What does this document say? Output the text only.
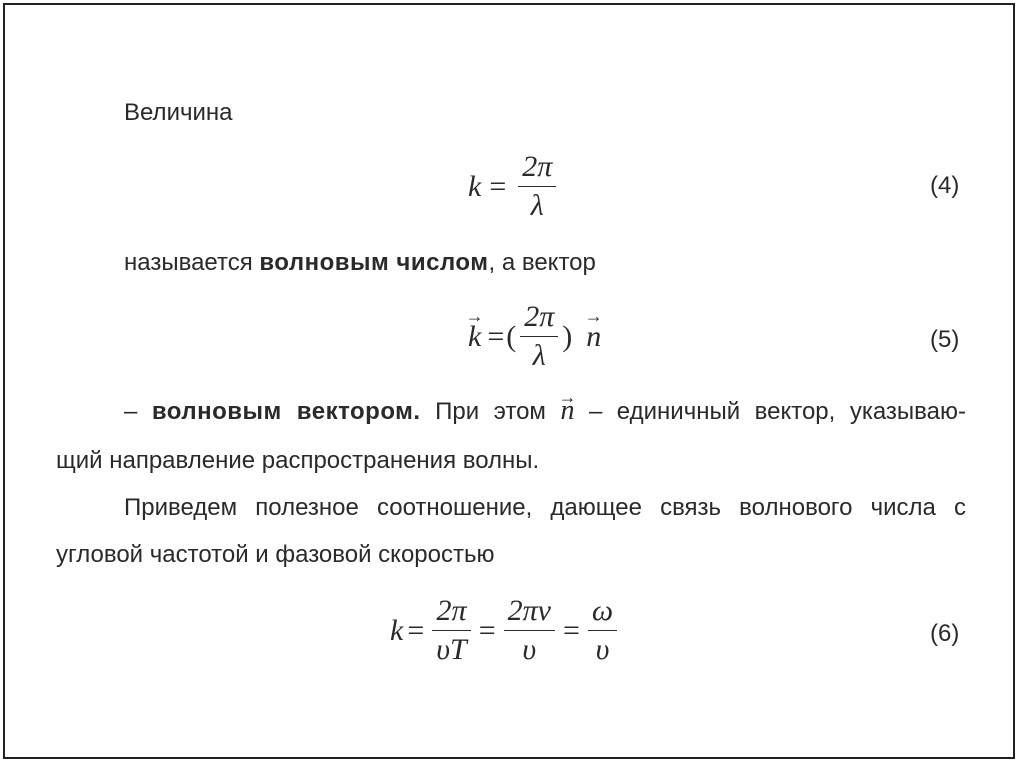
Величина
$k = \frac{2\pi}{\lambda}$	(4)
называется волновым числом, а вектор
→ k = ( $\frac{2\pi}{\lambda}$ )
→ n	(5)
– волновым вектором. При этом → n – единичный вектор, указываю-
щий направление распространения волны.
Приведем полезное соотношение, дающее связь волнового числа с
угловой частотой и фазовой скоростью
$k = \frac{2\pi}{\upsilon T} = \frac{2\pi\nu}{\upsilon} = \frac{\omega}{\upsilon}$	(6)
